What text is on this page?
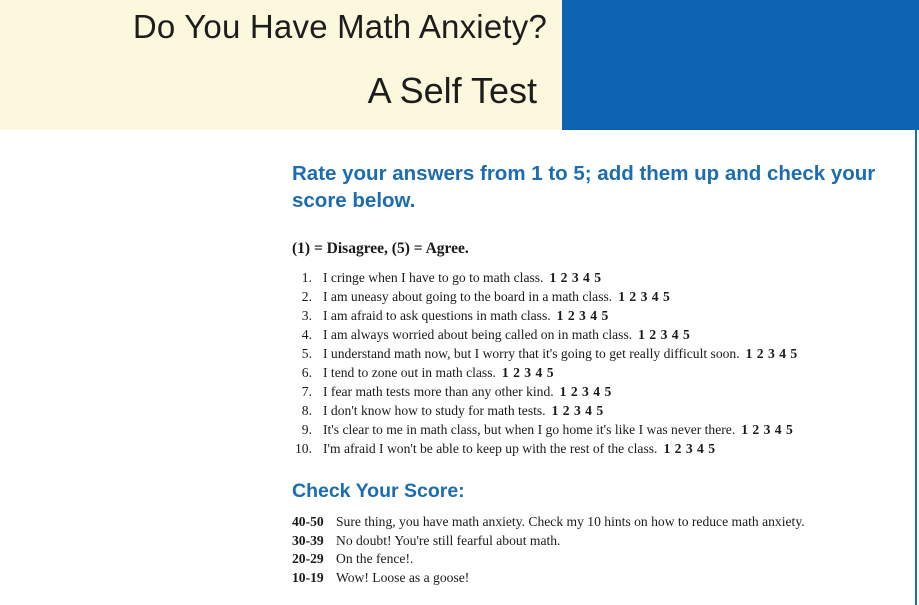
Do You Have Math Anxiety?
A Self Test
Rate your answers from 1 to 5; add them up and check your score below.
(1) = Disagree, (5) = Agree.
1. I cringe when I have to go to math class. 1 2 3 4 5
2. I am uneasy about going to the board in a math class. 1 2 3 4 5
3. I am afraid to ask questions in math class. 1 2 3 4 5
4. I am always worried about being called on in math class. 1 2 3 4 5
5. I understand math now, but I worry that it's going to get really difficult soon. 1 2 3 4 5
6. I tend to zone out in math class. 1 2 3 4 5
7. I fear math tests more than any other kind. 1 2 3 4 5
8. I don't know how to study for math tests. 1 2 3 4 5
9. It's clear to me in math class, but when I go home it's like I was never there. 1 2 3 4 5
10. I'm afraid I won't be able to keep up with the rest of the class. 1 2 3 4 5
Check Your Score:
40-50 Sure thing, you have math anxiety. Check my 10 hints on how to reduce math anxiety.
30-39 No doubt! You're still fearful about math.
20-29 On the fence!.
10-19 Wow! Loose as a goose!
